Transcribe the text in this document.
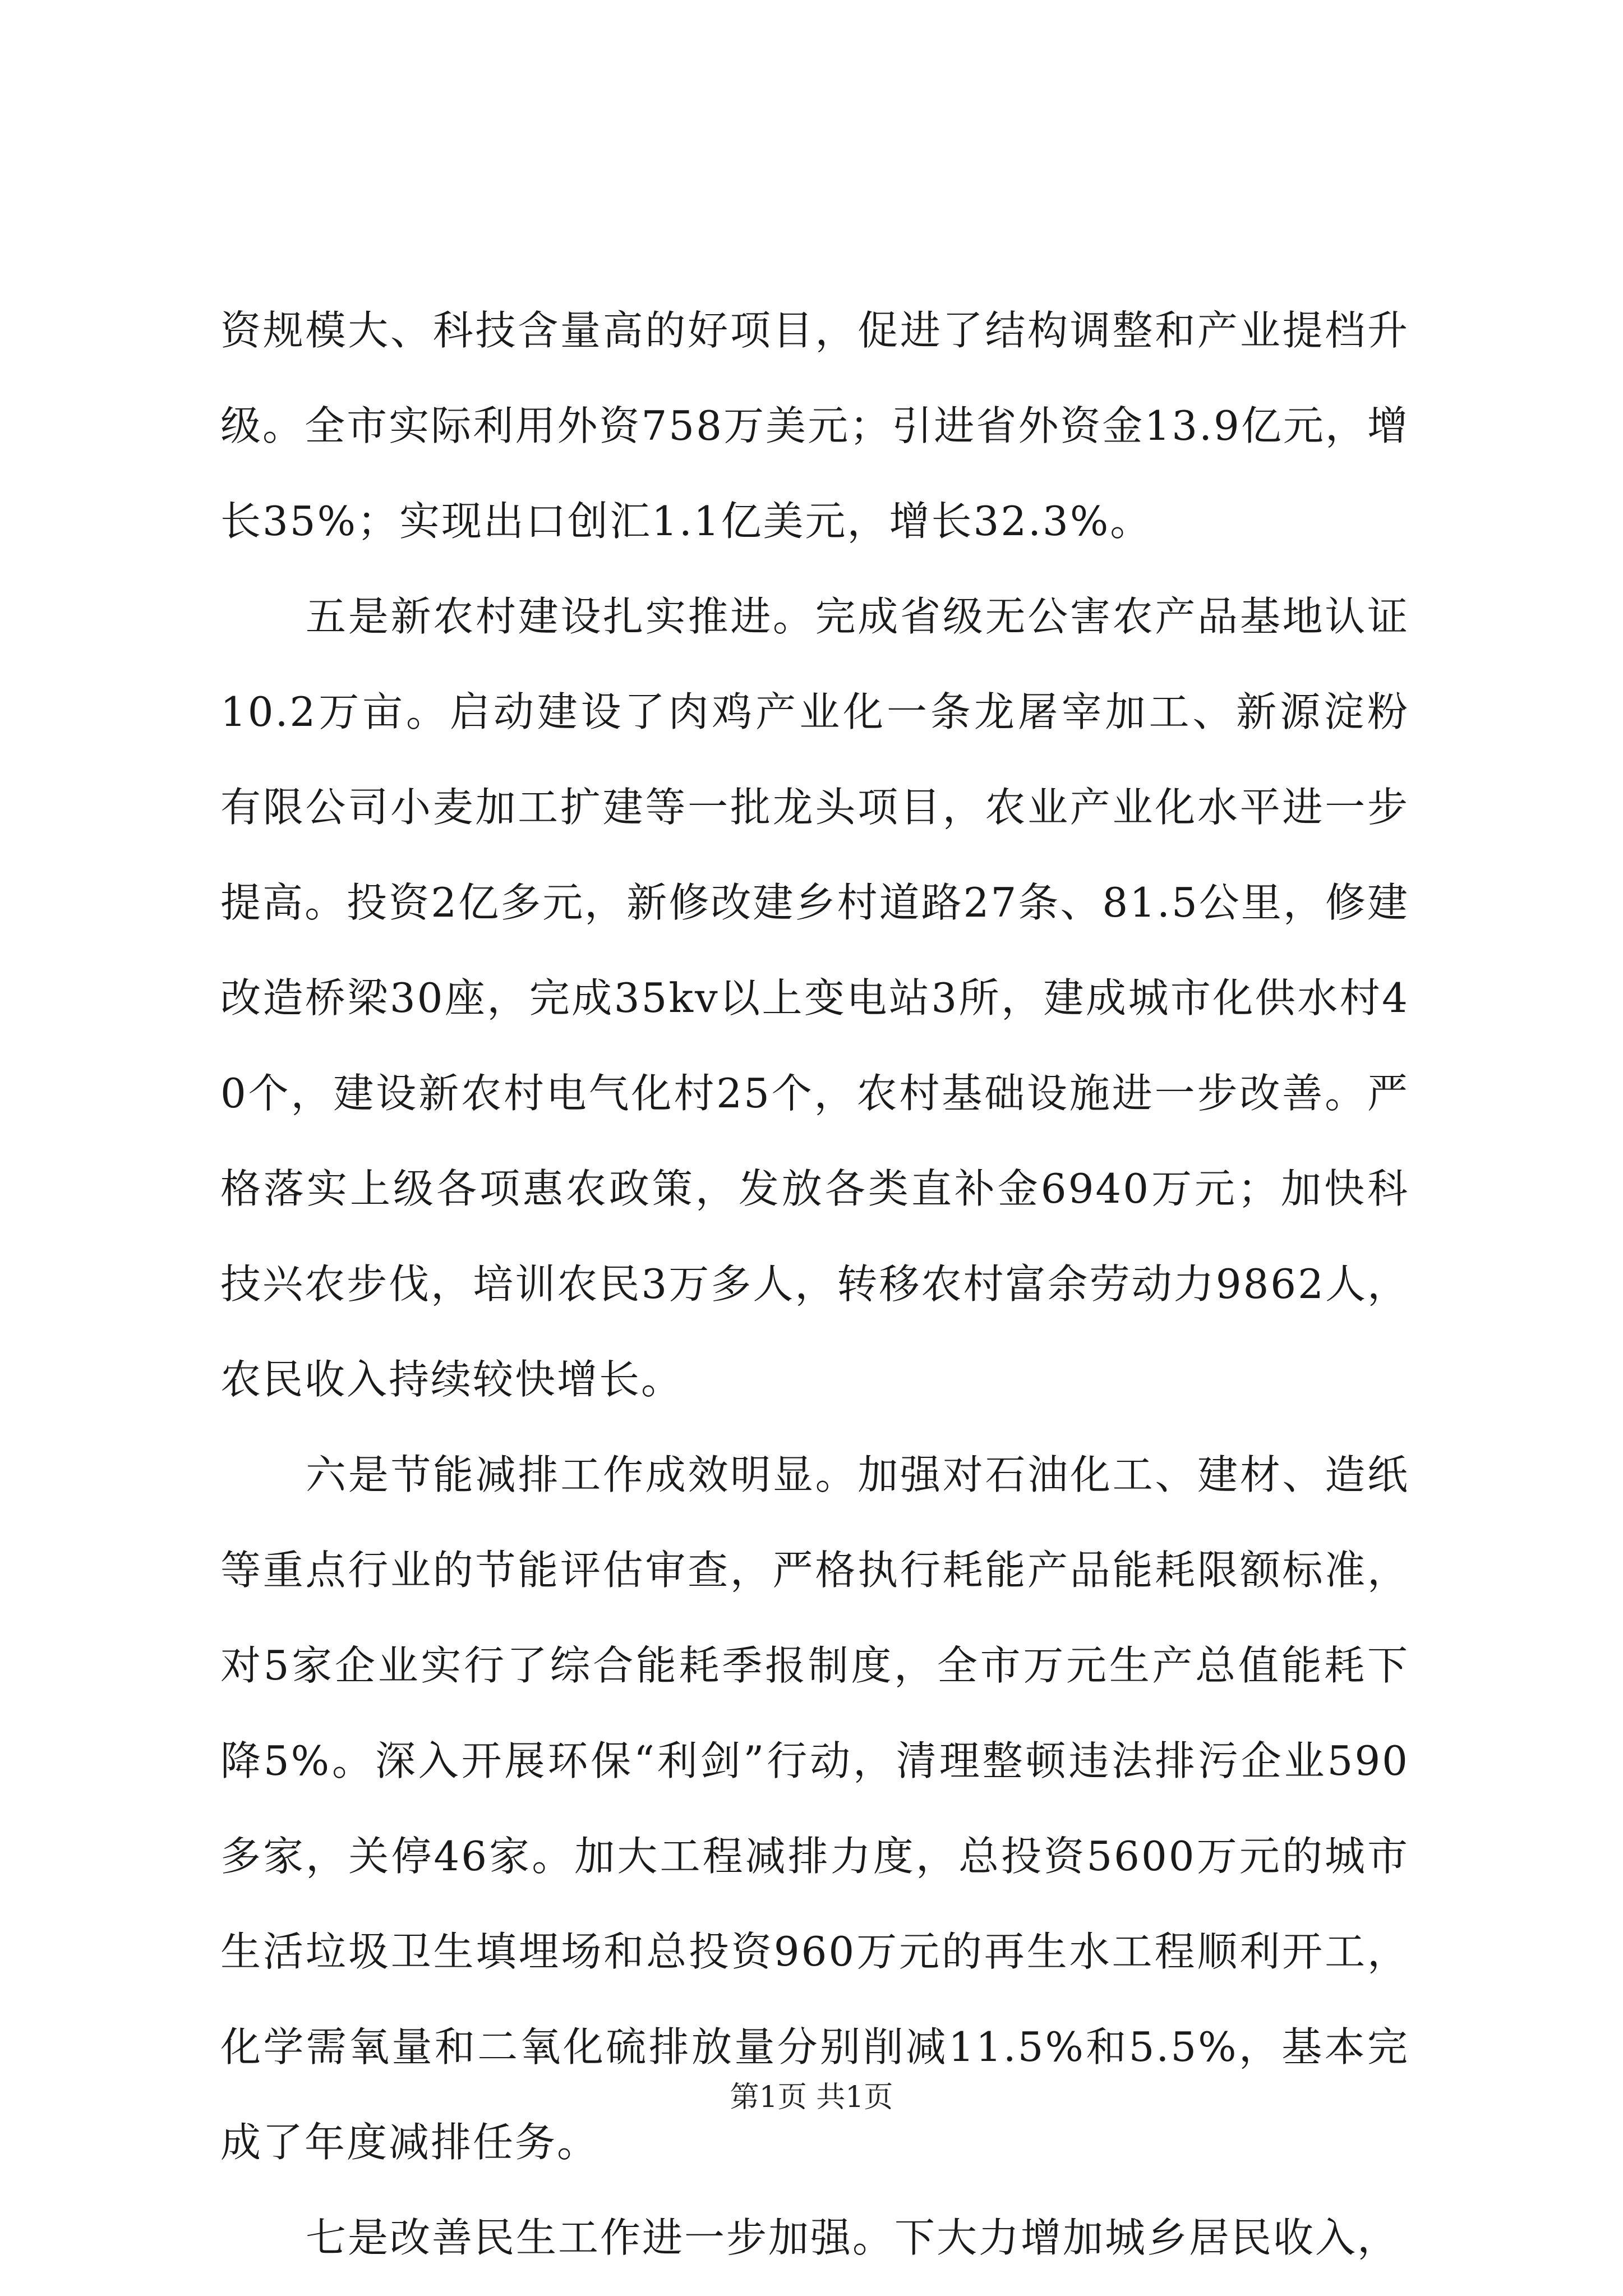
资规模大、科技含量高的好项目，促进了结构调整和产业提档升级。全市实际利用外资758万美元；引进省外资金13.9亿元，增长35%；实现出口创汇1.1亿美元，增长32.3%。

五是新农村建设扎实推进。完成省级无公害农产品基地认证10.2万亩。启动建设了肉鸡产业化一条龙屠宰加工、新源淀粉有限公司小麦加工扩建等一批龙头项目，农业产业化水平进一步提高。投资2亿多元，新修改建乡村道路27条、81.5公里，修建改造桥梁30座，完成35kv以上变电站3所，建成城市化供水村40个，建设新农村电气化村25个，农村基础设施进一步改善。严格落实上级各项惠农政策，发放各类直补金6940万元；加快科技兴农步伐，培训农民3万多人，转移农村富余劳动力9862人，农民收入持续较快增长。

六是节能减排工作成效明显。加强对石油化工、建材、造纸等重点行业的节能评估审查，严格执行耗能产品能耗限额标准，对5家企业实行了综合能耗季报制度，全市万元生产总值能耗下降5%。深入开展环保“利剑”行动，清理整顿违法排污企业590多家，关停46家。加大工程减排力度，总投资5600万元的城市生活垃圾卫生填埋场和总投资960万元的再生水工程顺利开工，化学需氧量和二氧化硫排放量分别削减11.5%和5.5%，基本完成了年度减排任务。

七是改善民生工作进一步加强。下大力增加城乡居民收入，

第1页 共1页
